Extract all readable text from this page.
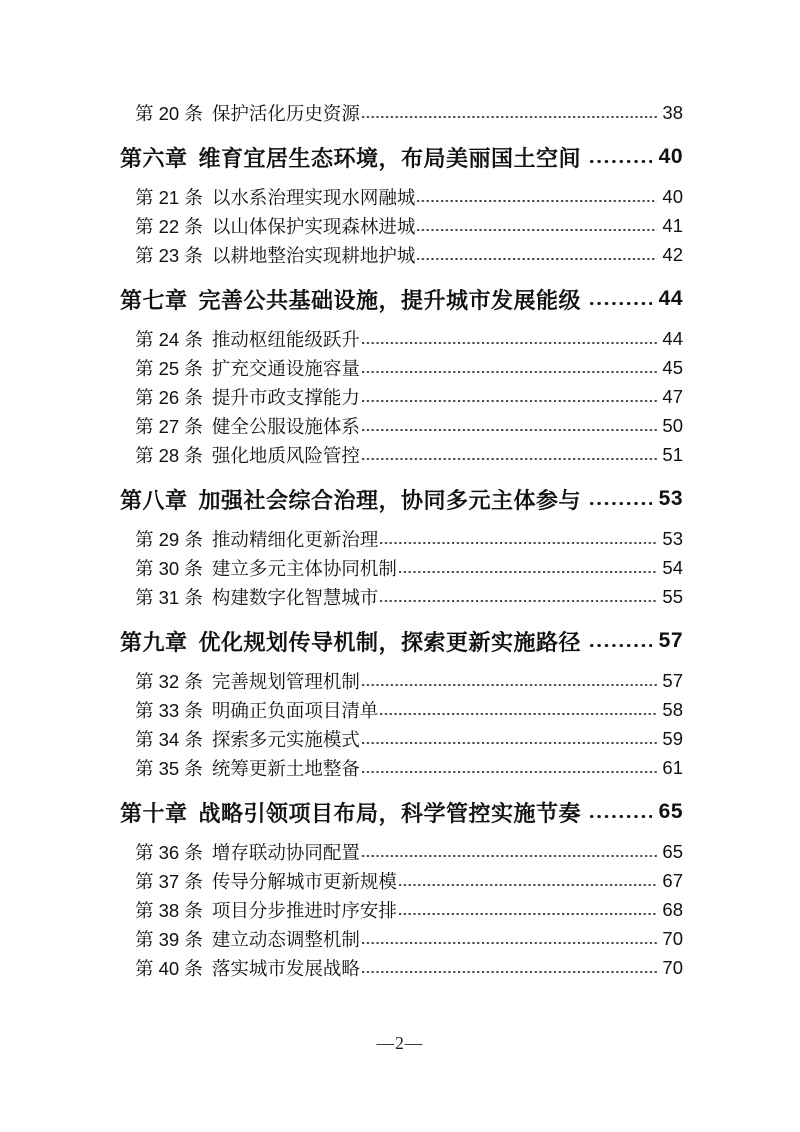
第 20 条 保护活化历史资源	38
第六章 维育宜居生态环境，布局美丽国土空间	40
第 21 条 以水系治理实现水网融城	40
第 22 条 以山体保护实现森林进城	41
第 23 条 以耕地整治实现耕地护城	42
第七章 完善公共基础设施，提升城市发展能级	44
第 24 条 推动枢纽能级跃升	44
第 25 条 扩充交通设施容量	45
第 26 条 提升市政支撑能力	47
第 27 条 健全公服设施体系	50
第 28 条 强化地质风险管控	51
第八章 加强社会综合治理，协同多元主体参与	53
第 29 条 推动精细化更新治理	53
第 30 条 建立多元主体协同机制	54
第 31 条 构建数字化智慧城市	55
第九章 优化规划传导机制，探索更新实施路径	57
第 32 条 完善规划管理机制	57
第 33 条 明确正负面项目清单	58
第 34 条 探索多元实施模式	59
第 35 条 统筹更新土地整备	61
第十章 战略引领项目布局，科学管控实施节奏	65
第 36 条 增存联动协同配置	65
第 37 条 传导分解城市更新规模	67
第 38 条 项目分步推进时序安排	68
第 39 条 建立动态调整机制	70
第 40 条 落实城市发展战略	70
—2—
